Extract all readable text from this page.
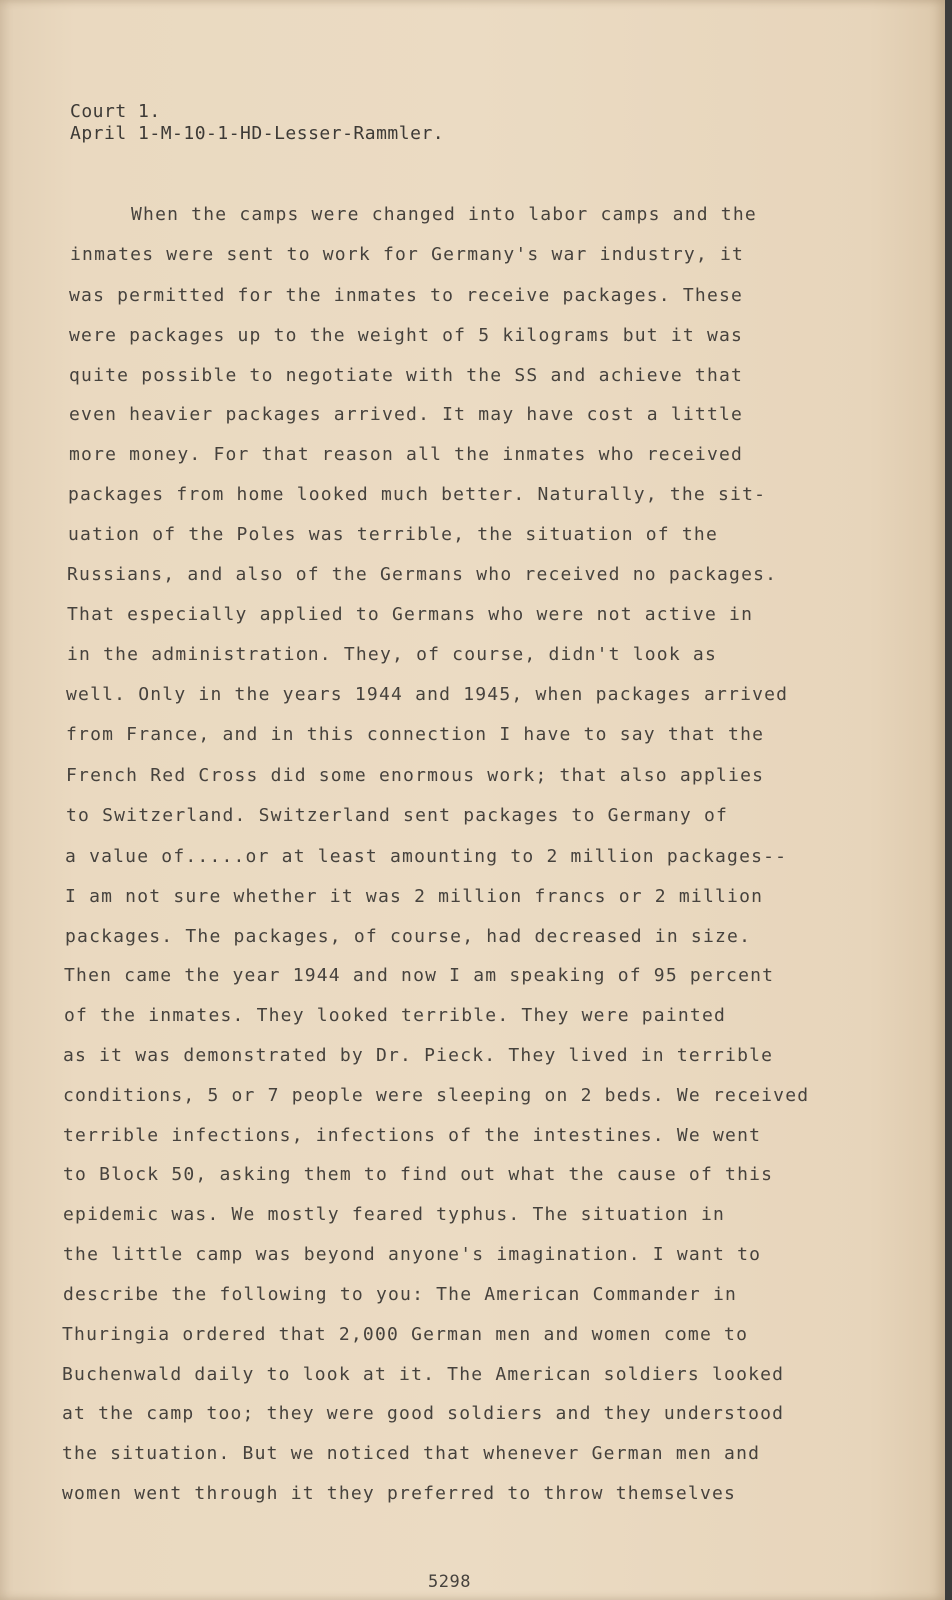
Court 1.
April 1-M-10-1-HD-Lesser-Rammler.
When the camps were changed into labor camps and the
inmates were sent to work for Germany's war industry, it
was permitted for the inmates to receive packages. These
were packages up to the weight of 5 kilograms but it was
quite possible to negotiate with the SS and achieve that
even heavier packages arrived. It may have cost a little
more money. For that reason all the inmates who received
packages from home looked much better. Naturally, the sit-
uation of the Poles was terrible, the situation of the
Russians, and also of the Germans who received no packages.
That especially applied to Germans who were not active in
in the administration. They, of course, didn't look as
well. Only in the years 1944 and 1945, when packages arrived
from France, and in this connection I have to say that the
French Red Cross did some enormous work; that also applies
to Switzerland. Switzerland sent packages to Germany of
a value of.....or at least amounting to 2 million packages--
I am not sure whether it was 2 million francs or 2 million
packages. The packages, of course, had decreased in size.
Then came the year 1944 and now I am speaking of 95 percent
of the inmates. They looked terrible. They were painted
as it was demonstrated by Dr. Pieck. They lived in terrible
conditions, 5 or 7 people were sleeping on 2 beds. We received
terrible infections, infections of the intestines. We went
to Block 50, asking them to find out what the cause of this
epidemic was. We mostly feared typhus. The situation in
the little camp was beyond anyone's imagination. I want to
describe the following to you: The American Commander in
Thuringia ordered that 2,000 German men and women come to
Buchenwald daily to look at it. The American soldiers looked
at the camp too; they were good soldiers and they understood
the situation. But we noticed that whenever German men and
women went through it they preferred to throw themselves
5298
